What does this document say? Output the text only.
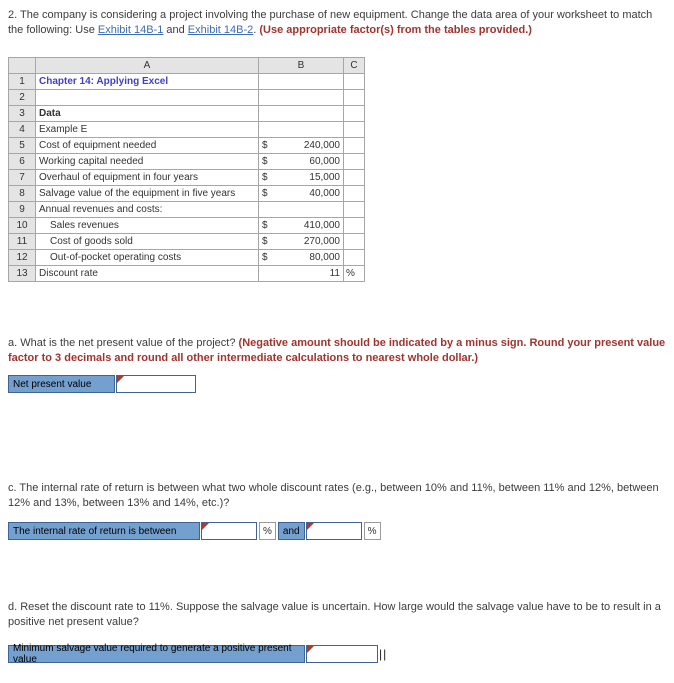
2. The company is considering a project involving the purchase of new equipment. Change the data area of your worksheet to match the following: Use Exhibit 14B-1 and Exhibit 14B-2. (Use appropriate factor(s) from the tables provided.)

	A	B	C
1	Chapter 14: Applying Excel	

2		

3	Data	

4	Example E	

5	Cost of equipment needed	$ 240,000	

6	Working capital needed	$ 60,000	

7	Overhaul of equipment in four years	$ 15,000	

8	Salvage value of the equipment in five years	$ 40,000	

9	Annual revenues and costs:	

10	Sales revenues	$ 410,000	

11	Cost of goods sold	$ 270,000	

12	Out-of-pocket operating costs	$ 80,000	

13	Discount rate	11	%

a. What is the net present value of the project? (Negative amount should be indicated by a minus sign. Round your present value factor to 3 decimals and round all other intermediate calculations to nearest whole dollar.)

Net present value

c. The internal rate of return is between what two whole discount rates (e.g., between 10% and 11%, between 11% and 12%, between 12% and 13%, between 13% and 14%, etc.)?

The internal rate of return is between	%	and	%

d. Reset the discount rate to 11%. Suppose the salvage value is uncertain. How large would the salvage value have to be to result in a positive net present value?

Minimum salvage value required to generate a positive present value	||
